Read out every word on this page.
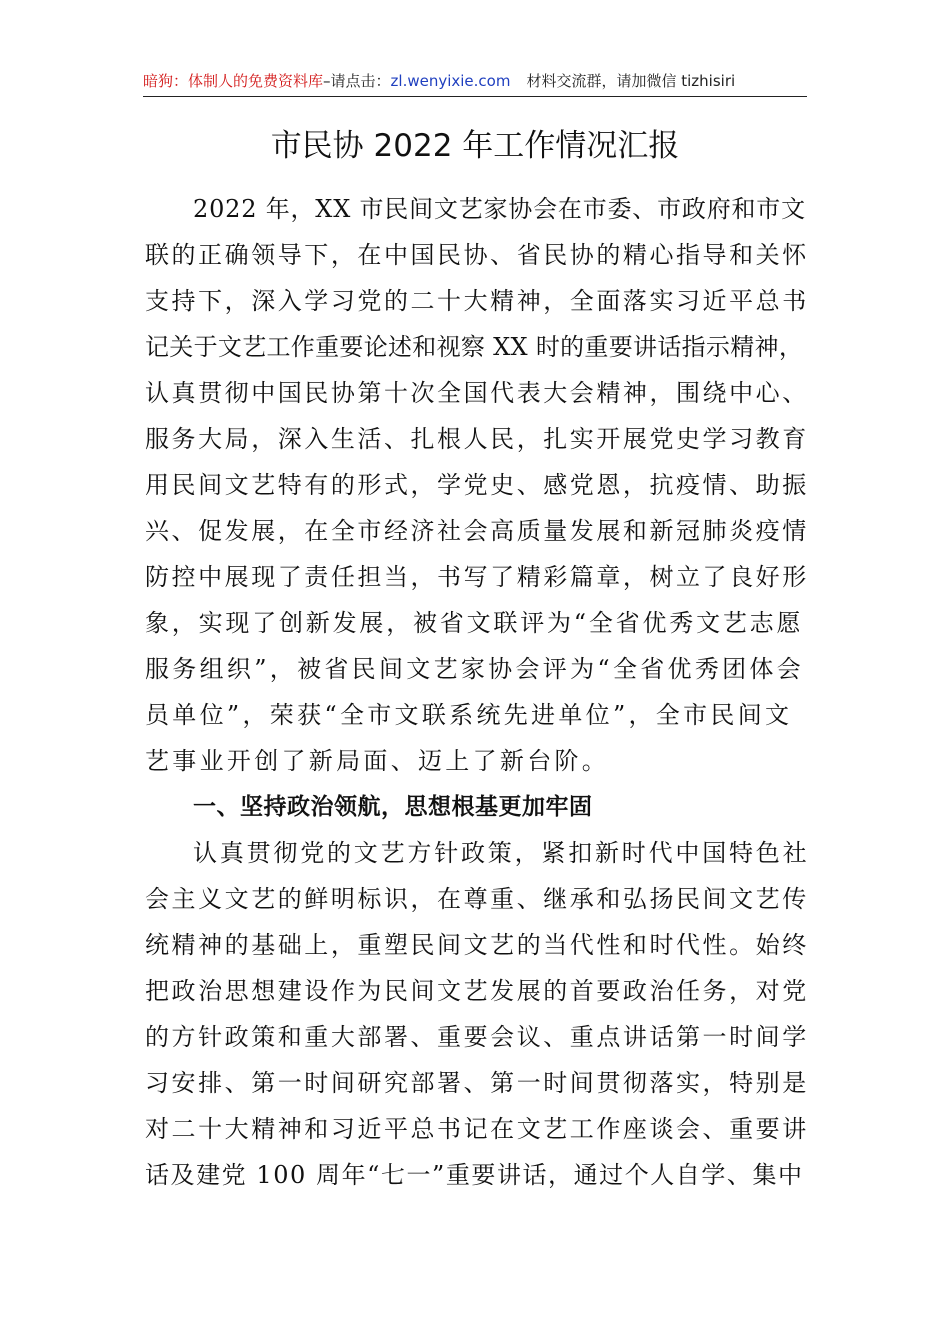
暗狗：体制人的免费资料库–请点击：zl.wenyixie.com 材料交流群，请加微信 tizhisiri
市民协 2022 年工作情况汇报
2022 年，XX 市民间文艺家协会在市委、市政府和市文
联的正确领导下，在中国民协、省民协的精心指导和关怀
支持下，深入学习党的二十大精神，全面落实习近平总书
记关于文艺工作重要论述和视察 XX 时的重要讲话指示精神，
认真贯彻中国民协第十次全国代表大会精神，围绕中心、
服务大局，深入生活、扎根人民，扎实开展党史学习教育
用民间文艺特有的形式，学党史、感党恩，抗疫情、助振
兴、促发展，在全市经济社会高质量发展和新冠肺炎疫情
防控中展现了责任担当，书写了精彩篇章，树立了良好形
象，实现了创新发展，被省文联评为“全省优秀文艺志愿
服务组织”，被省民间文艺家协会评为“全省优秀团体会
员单位”，荣获“全市文联系统先进单位”，全市民间文
艺事业开创了新局面、迈上了新台阶。
一、坚持政治领航，思想根基更加牢固
认真贯彻党的文艺方针政策，紧扣新时代中国特色社
会主义文艺的鲜明标识，在尊重、继承和弘扬民间文艺传
统精神的基础上，重塑民间文艺的当代性和时代性。始终
把政治思想建设作为民间文艺发展的首要政治任务，对党
的方针政策和重大部署、重要会议、重点讲话第一时间学
习安排、第一时间研究部署、第一时间贯彻落实，特别是
对二十大精神和习近平总书记在文艺工作座谈会、重要讲
话及建党 100 周年“七一”重要讲话，通过个人自学、集中
